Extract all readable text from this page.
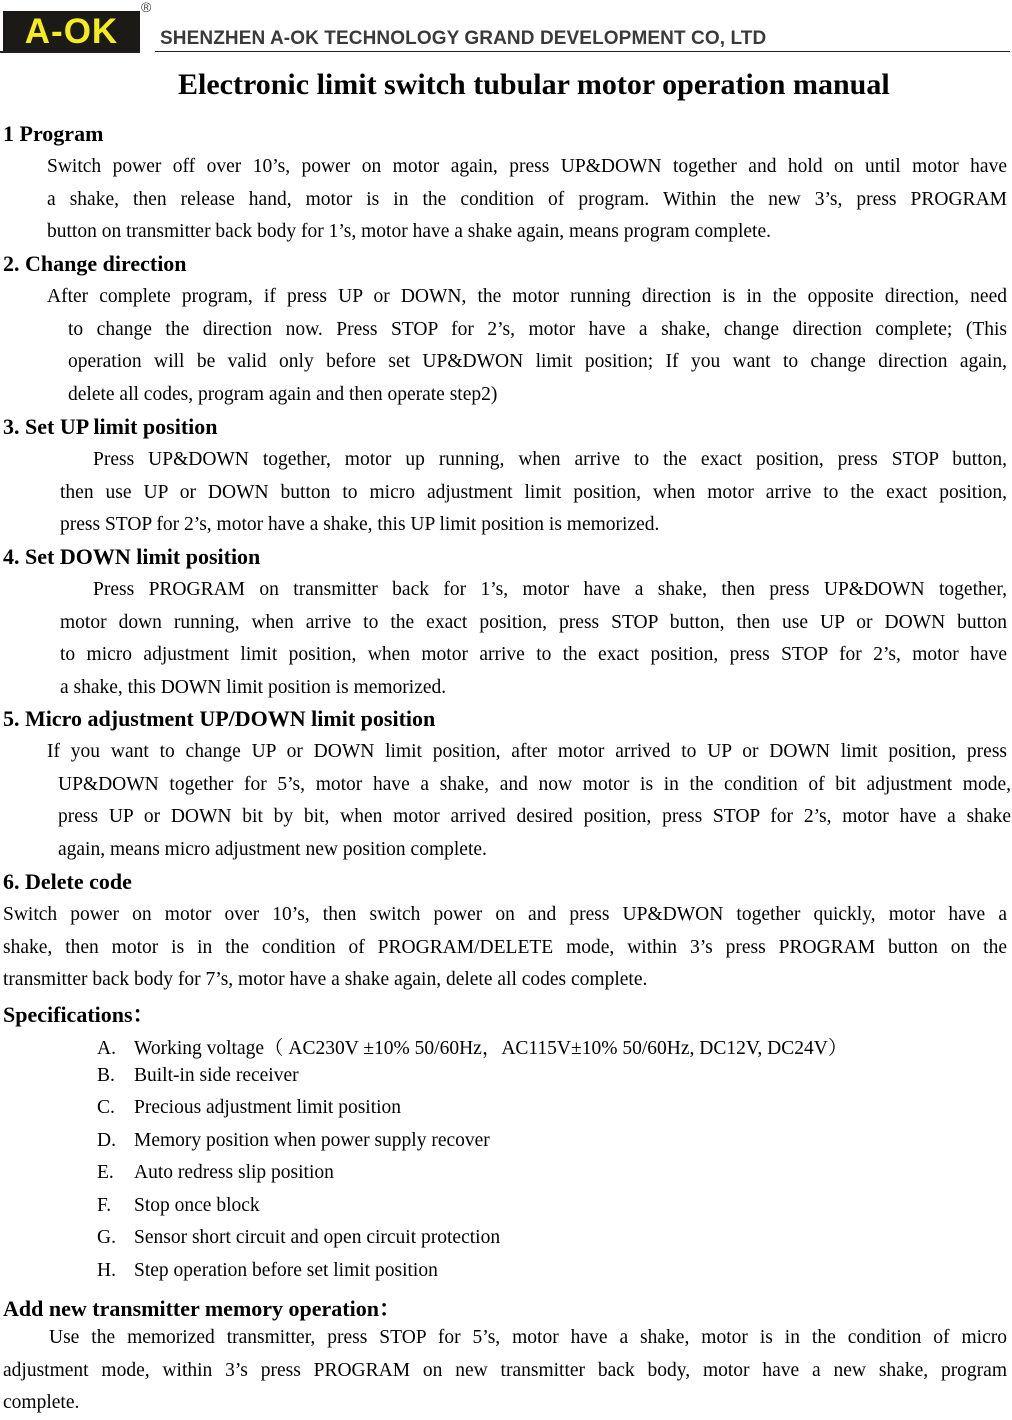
A-OK
®
SHENZHEN A-OK TECHNOLOGY GRAND DEVELOPMENT CO, LTD
Electronic limit switch tubular motor operation manual
1 Program
Switch power off over 10’s, power on motor again, press UP&DOWN together and hold on until motor have
a shake, then release hand, motor is in the condition of program. Within the new 3’s, press PROGRAM
button on transmitter back body for 1’s, motor have a shake again, means program complete.
2. Change direction
After complete program, if press UP or DOWN, the motor running direction is in the opposite direction, need
to change the direction now. Press STOP for 2’s, motor have a shake, change direction complete; (This
operation will be valid only before set UP&DWON limit position; If you want to change direction again,
delete all codes, program again and then operate step2)
3. Set UP limit position
Press UP&DOWN together, motor up running, when arrive to the exact position, press STOP button,
then use UP or DOWN button to micro adjustment limit position, when motor arrive to the exact position,
press STOP for 2’s, motor have a shake, this UP limit position is memorized.
4. Set DOWN limit position
Press PROGRAM on transmitter back for 1’s, motor have a shake, then press UP&DOWN together,
motor down running, when arrive to the exact position, press STOP button, then use UP or DOWN button
to micro adjustment limit position, when motor arrive to the exact position, press STOP for 2’s, motor have
a shake, this DOWN limit position is memorized.
5. Micro adjustment UP/DOWN limit position
If you want to change UP or DOWN limit position, after motor arrived to UP or DOWN limit position, press
UP&DOWN together for 5’s, motor have a shake, and now motor is in the condition of bit adjustment mode,
press UP or DOWN bit by bit, when motor arrived desired position, press STOP for 2’s, motor have a shake
again, means micro adjustment new position complete.
6. Delete code
Switch power on motor over 10’s, then switch power on and press UP&DWON together quickly, motor have a
shake, then motor is in the condition of PROGRAM/DELETE mode, within 3’s press PROGRAM button on the
transmitter back body for 7’s, motor have a shake again, delete all codes complete.
Specifications：
A. Working voltage（ AC230V ±10% 50/60Hz，AC115V±10% 50/60Hz, DC12V, DC24V）
B. Built-in side receiver
C. Precious adjustment limit position
D. Memory position when power supply recover
E. Auto redress slip position
F. Stop once block
G. Sensor short circuit and open circuit protection
H. Step operation before set limit position
Add new transmitter memory operation：
Use the memorized transmitter, press STOP for 5’s, motor have a shake, motor is in the condition of micro
adjustment mode, within 3’s press PROGRAM on new transmitter back body, motor have a new shake, program
complete.
